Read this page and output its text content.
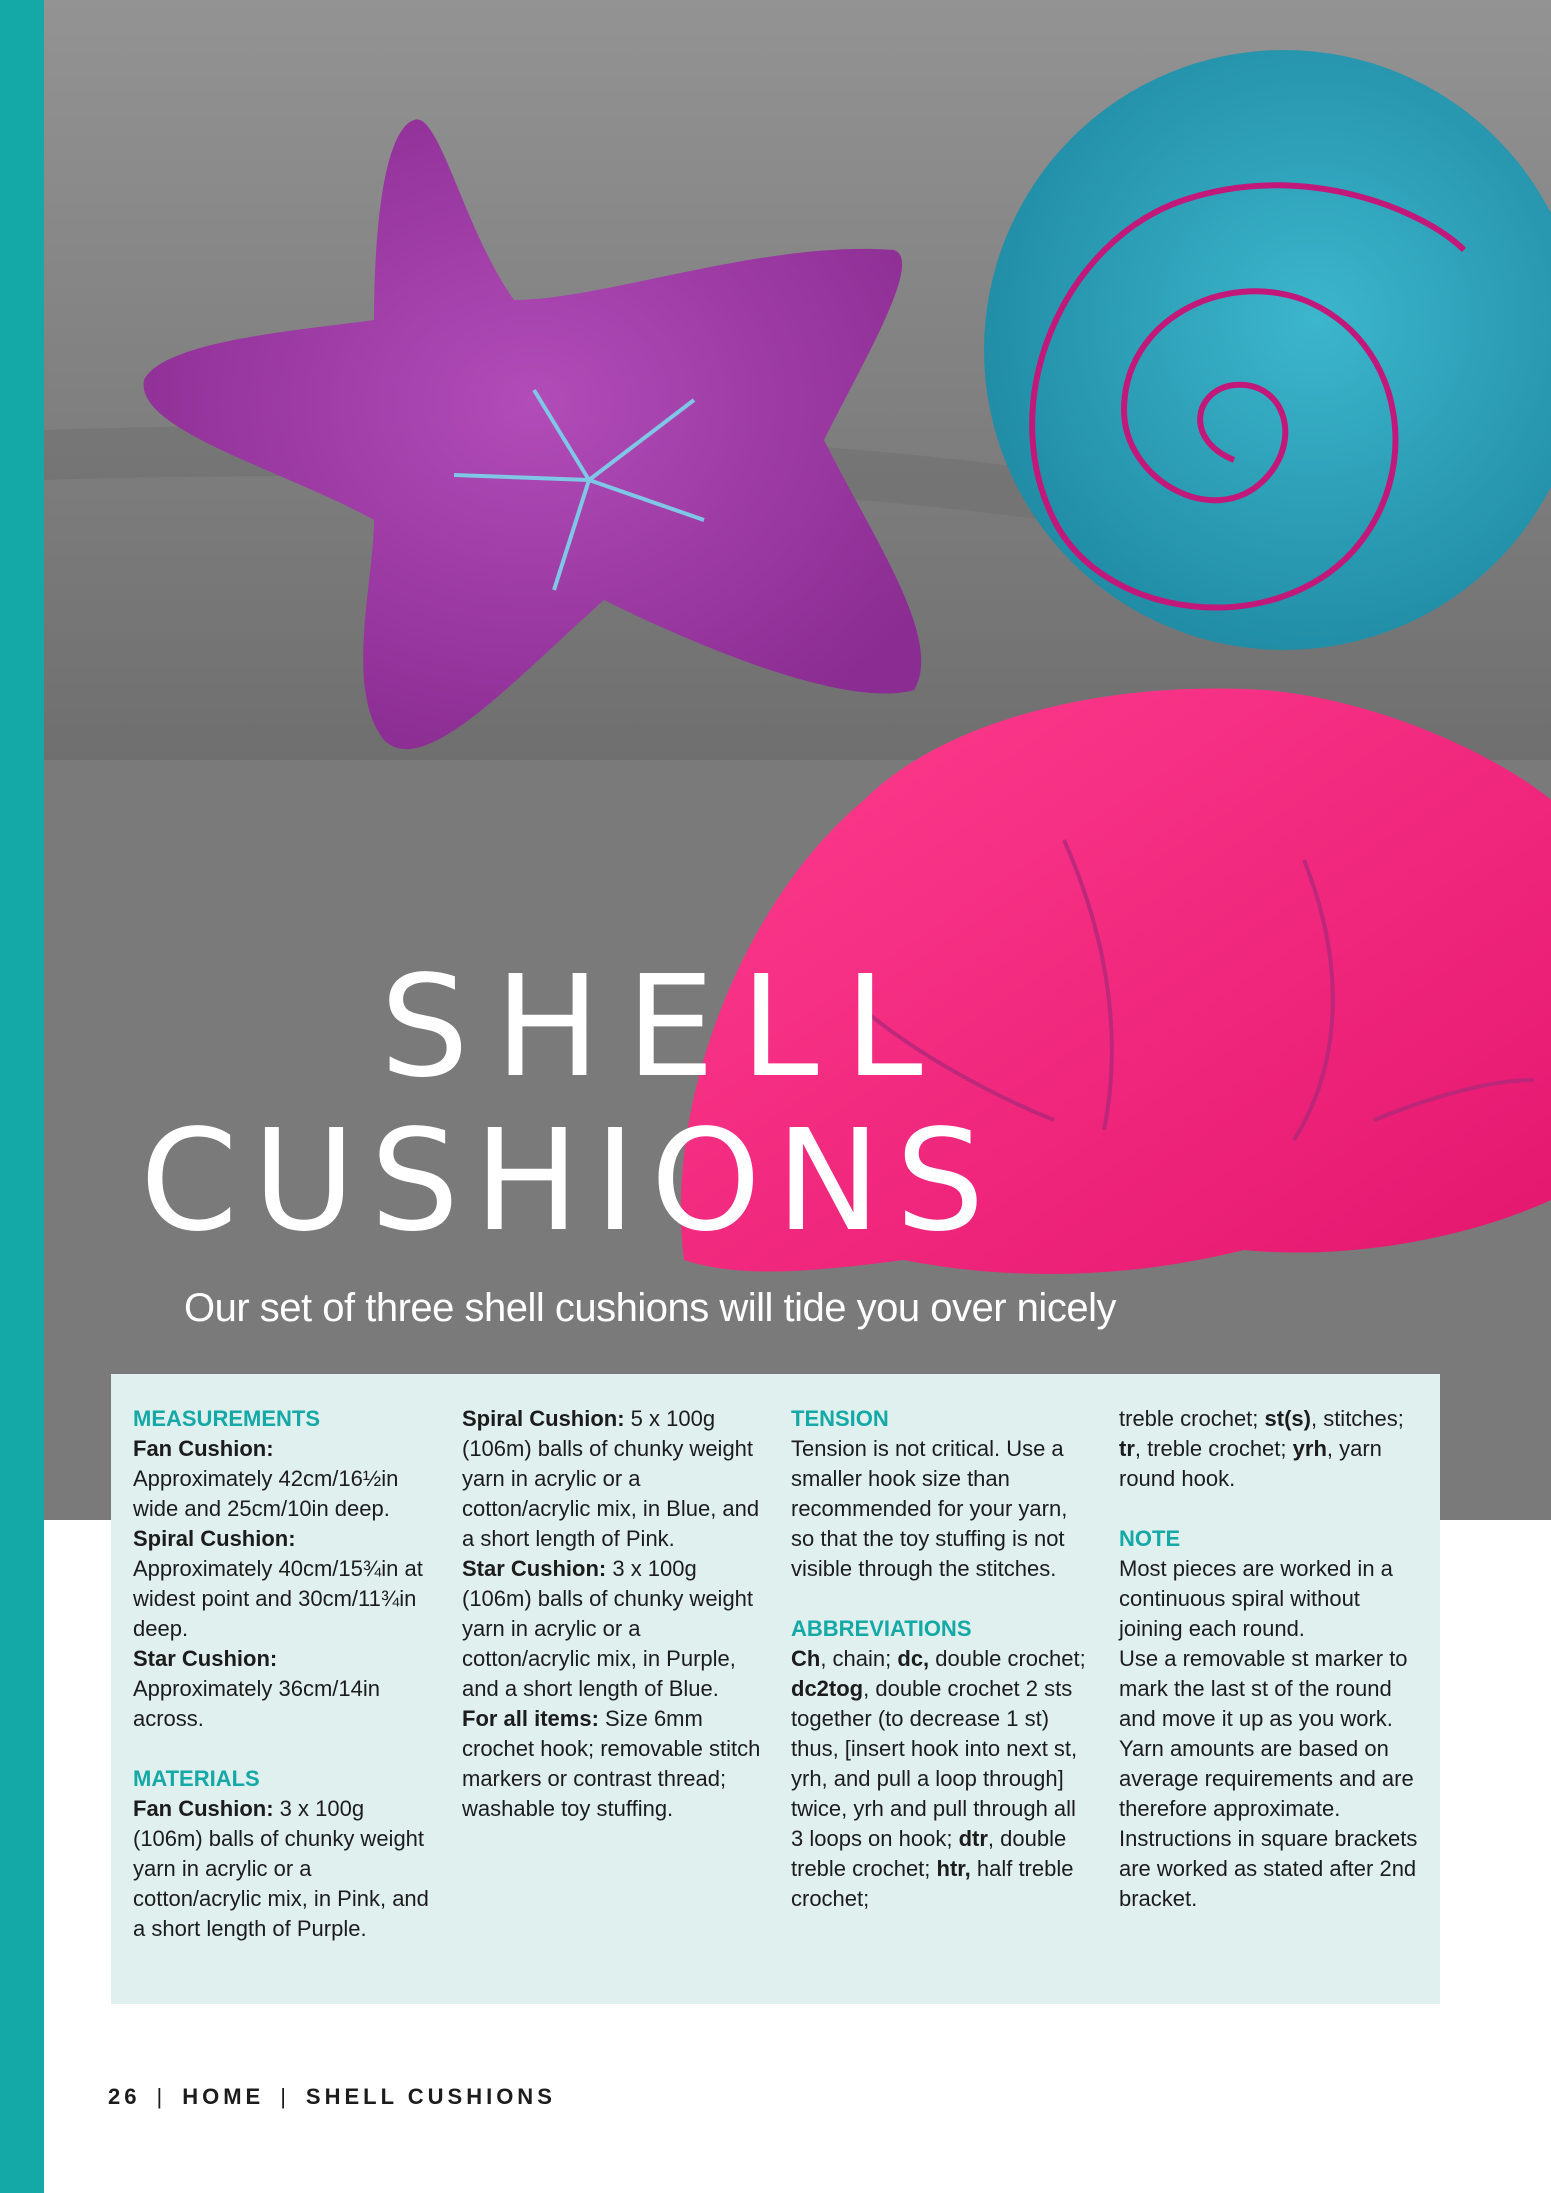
SHELL
CUSHIONS

Our set of three shell cushions will tide you over nicely

MEASUREMENTS

Fan Cushion:

Approximately 42cm/16½in wide and 25cm/10in deep.

Spiral Cushion:

Approximately 40cm/15¾in at widest point and 30cm/11¾in deep.

Star Cushion:

Approximately 36cm/14in across.

MATERIALS

Fan Cushion: 3 x 100g (106m) balls of chunky weight yarn in acrylic or a cotton/acrylic mix, in Pink, and a short length of Purple.

Spiral Cushion: 5 x 100g (106m) balls of chunky weight yarn in acrylic or a cotton/acrylic mix, in Blue, and a short length of Pink.

Star Cushion: 3 x 100g (106m) balls of chunky weight yarn in acrylic or a cotton/acrylic mix, in Purple, and a short length of Blue.

For all items: Size 6mm crochet hook; removable stitch markers or contrast thread; washable toy stuffing.

TENSION

Tension is not critical. Use a smaller hook size than recommended for your yarn, so that the toy stuffing is not visible through the stitches.

ABBREVIATIONS

Ch, chain; dc, double crochet; dc2tog, double crochet 2 sts together (to decrease 1 st) thus, [insert hook into next st, yrh, and pull a loop through] twice, yrh and pull through all 3 loops on hook; dtr, double treble crochet; htr, half treble crochet;

treble crochet; st(s), stitches; tr, treble crochet; yrh, yarn round hook.

NOTE

Most pieces are worked in a continuous spiral without joining each round.

Use a removable st marker to mark the last st of the round and move it up as you work. Yarn amounts are based on average requirements and are therefore approximate. Instructions in square brackets are worked as stated after 2nd bracket.

26 | HOME | SHELL CUSHIONS
